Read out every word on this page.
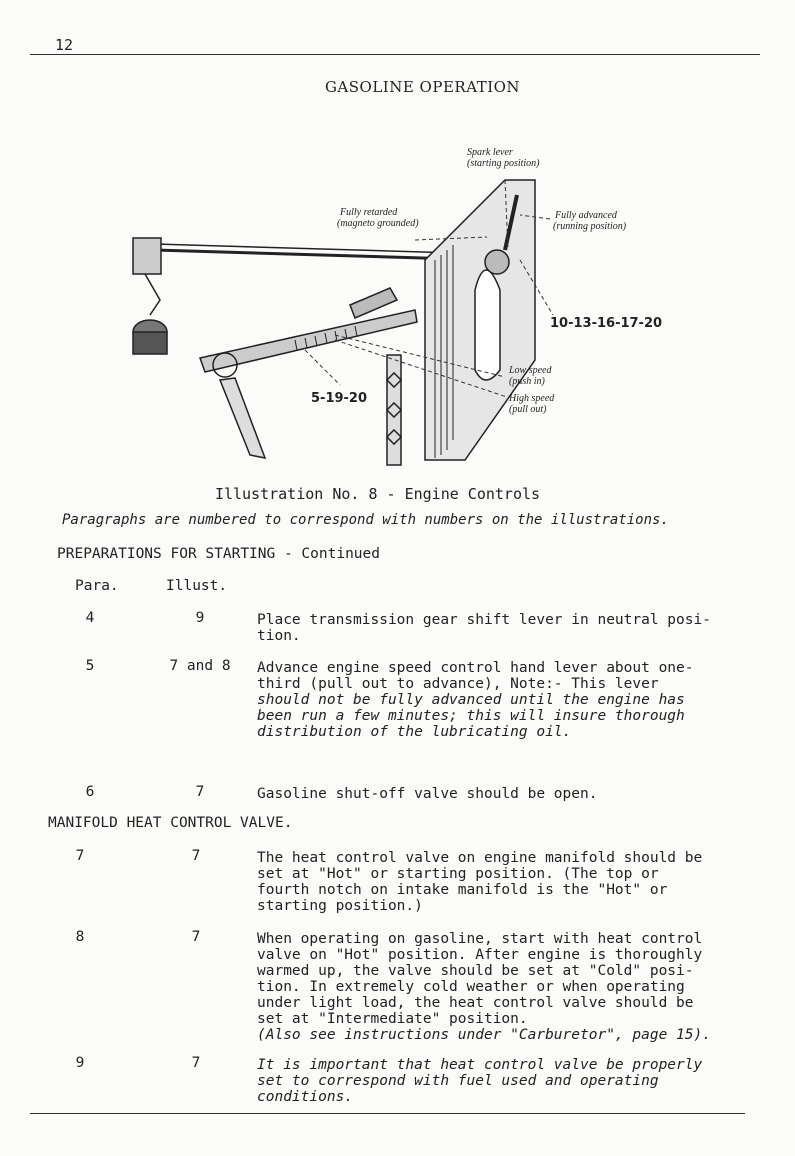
12
GASOLINE OPERATION
Spark lever
(starting position)
Fully retarded
(magneto grounded)
Fully advanced
(running position)
10-13-16-17-20
5-19-20
Low speed
(push in)
High speed
(pull out)
Illustration No. 8 - Engine Controls
Paragraphs are numbered to correspond with numbers on the illustrations.
PREPARATIONS FOR STARTING - Continued
Para.	Illust.
4	9	Place transmission gear shift lever in neutral posi-
tion.
5	7 and 8	Advance engine speed control hand lever about one-
third (pull out to advance), Note:- This lever
should not be fully advanced until the engine has
been run a few minutes; this will insure thorough
distribution of the lubricating oil.
6	7	Gasoline shut-off valve should be open.
MANIFOLD HEAT CONTROL VALVE.
7	7	The heat control valve on engine manifold should be
set at "Hot" or starting position. (The top or
fourth notch on intake manifold is the "Hot" or
starting position.)
8	7	When operating on gasoline, start with heat control
valve on "Hot" position. After engine is thoroughly
warmed up, the valve should be set at "Cold" posi-
tion. In extremely cold weather or when operating
under light load, the heat control valve should be
set at "Intermediate" position.
(Also see instructions under "Carburetor", page 15).
9	7	It is important that heat control valve be properly
set to correspond with fuel used and operating
conditions.
